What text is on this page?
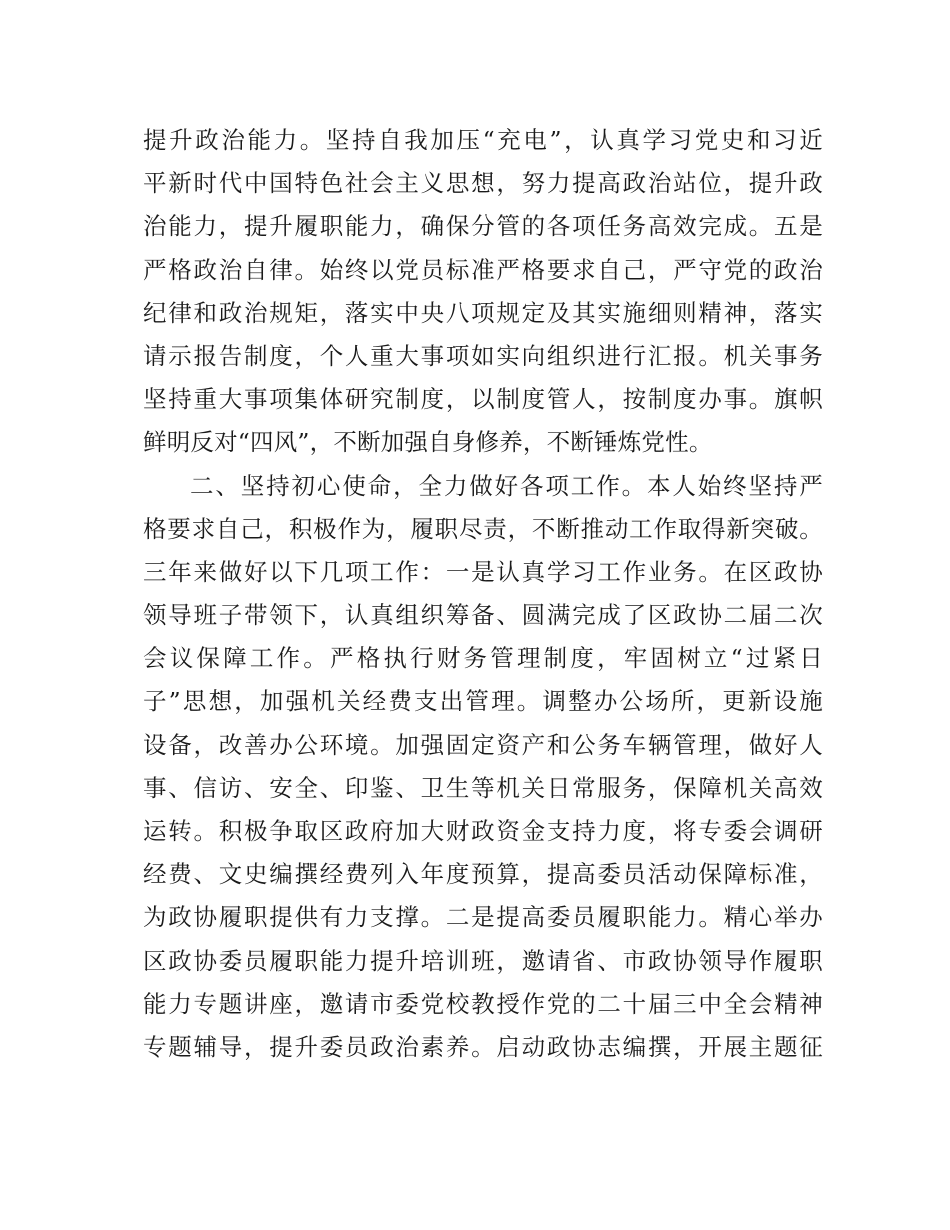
提升政治能力。坚持自我加压“充电”，认真学习党史和习近
平新时代中国特色社会主义思想，努力提高政治站位，提升政
治能力，提升履职能力，确保分管的各项任务高效完成。五是
严格政治自律。始终以党员标准严格要求自己，严守党的政治
纪律和政治规矩，落实中央八项规定及其实施细则精神，落实
请示报告制度，个人重大事项如实向组织进行汇报。机关事务
坚持重大事项集体研究制度，以制度管人，按制度办事。旗帜
鲜明反对“四风”，不断加强自身修养，不断锤炼党性。
二、坚持初心使命，全力做好各项工作。本人始终坚持严
格要求自己，积极作为，履职尽责，不断推动工作取得新突破。
三年来做好以下几项工作：一是认真学习工作业务。在区政协
领导班子带领下，认真组织筹备、圆满完成了区政协二届二次
会议保障工作。严格执行财务管理制度，牢固树立“过紧日
子”思想，加强机关经费支出管理。调整办公场所，更新设施
设备，改善办公环境。加强固定资产和公务车辆管理，做好人
事、信访、安全、印鉴、卫生等机关日常服务，保障机关高效
运转。积极争取区政府加大财政资金支持力度，将专委会调研
经费、文史编撰经费列入年度预算，提高委员活动保障标准，
为政协履职提供有力支撑。二是提高委员履职能力。精心举办
区政协委员履职能力提升培训班，邀请省、市政协领导作履职
能力专题讲座，邀请市委党校教授作党的二十届三中全会精神
专题辅导，提升委员政治素养。启动政协志编撰，开展主题征
